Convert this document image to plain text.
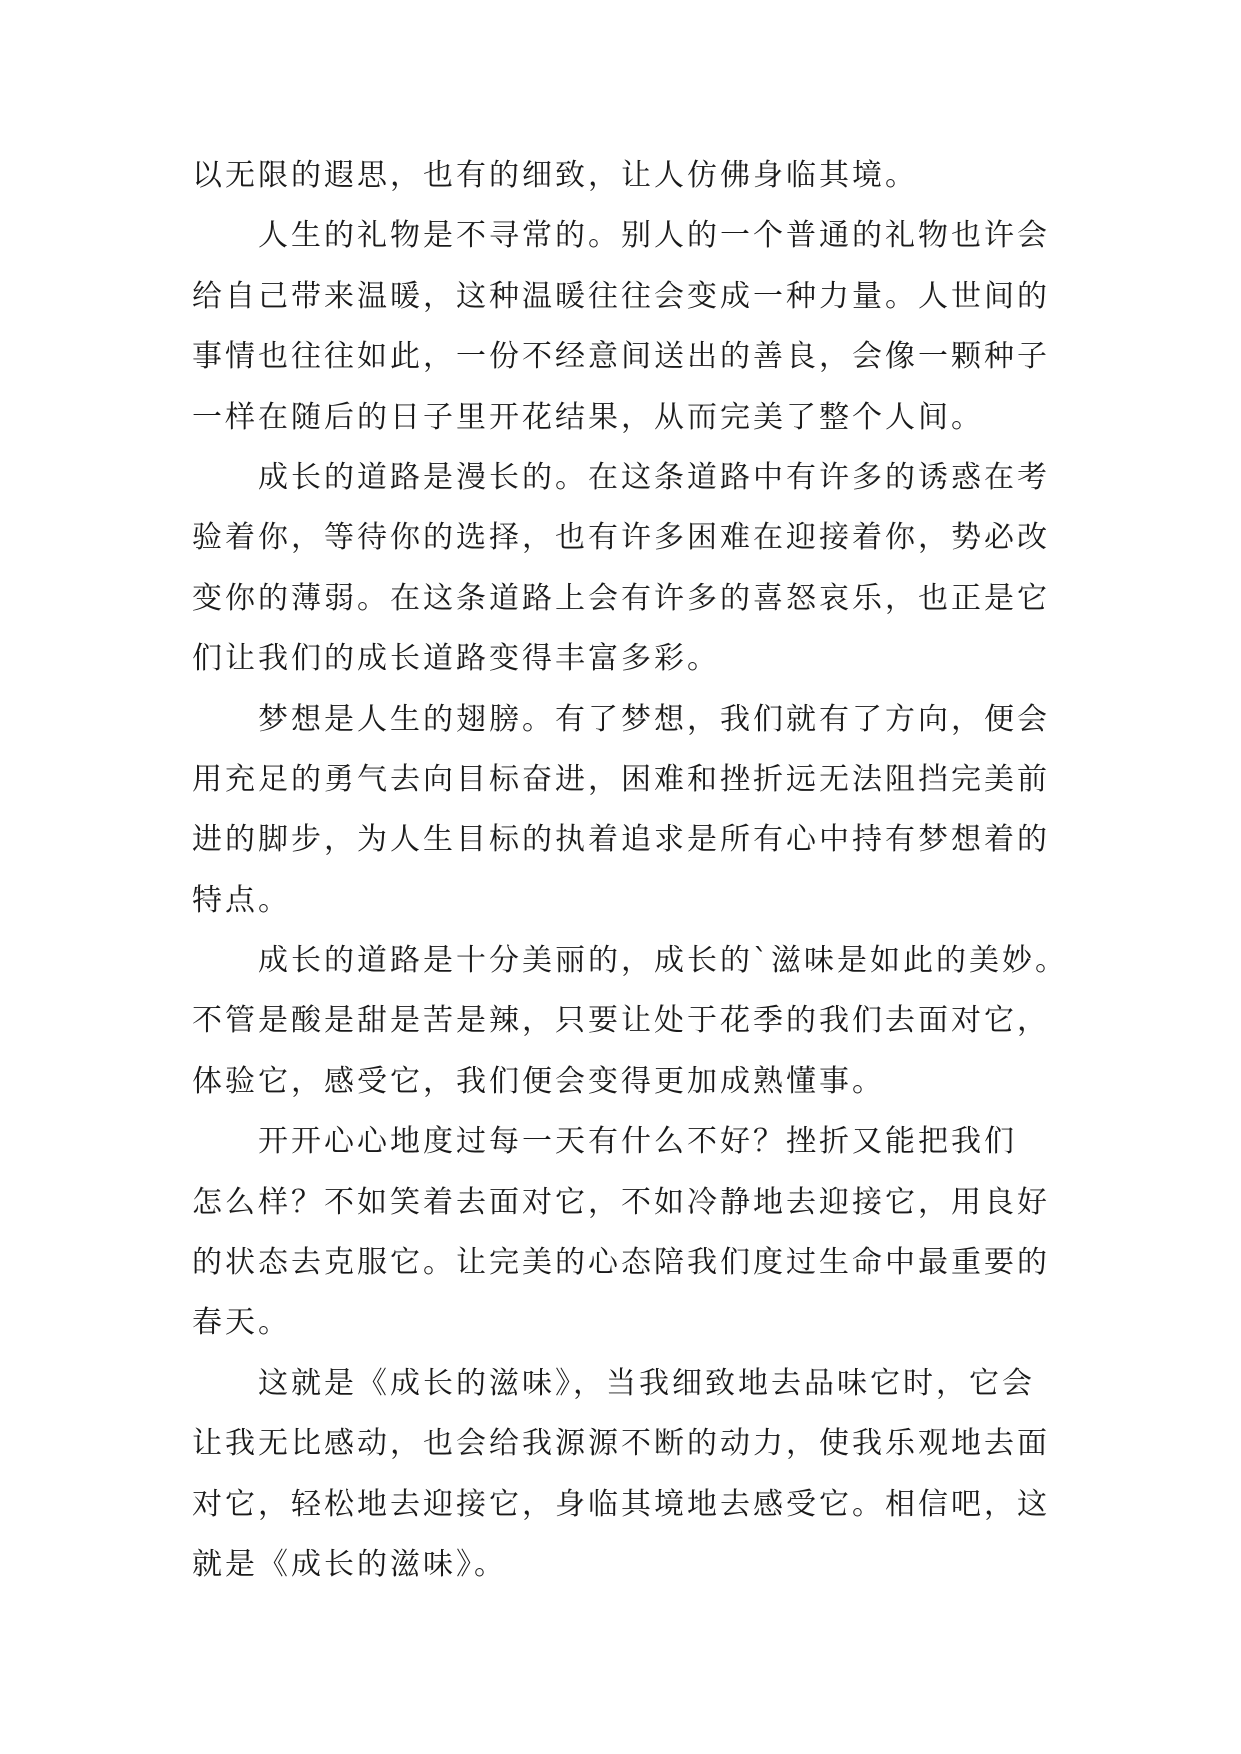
以无限的遐思，也有的细致，让人仿佛身临其境。
人生的礼物是不寻常的。别人的一个普通的礼物也许会
给自己带来温暖，这种温暖往往会变成一种力量。人世间的
事情也往往如此，一份不经意间送出的善良，会像一颗种子
一样在随后的日子里开花结果，从而完美了整个人间。
成长的道路是漫长的。在这条道路中有许多的诱惑在考
验着你，等待你的选择，也有许多困难在迎接着你，势必改
变你的薄弱。在这条道路上会有许多的喜怒哀乐，也正是它
们让我们的成长道路变得丰富多彩。
梦想是人生的翅膀。有了梦想，我们就有了方向，便会
用充足的勇气去向目标奋进，困难和挫折远无法阻挡完美前
进的脚步，为人生目标的执着追求是所有心中持有梦想着的
特点。
成长的道路是十分美丽的，成长的`滋味是如此的美妙。
不管是酸是甜是苦是辣，只要让处于花季的我们去面对它，
体验它，感受它，我们便会变得更加成熟懂事。
开开心心地度过每一天有什么不好？挫折又能把我们
怎么样？不如笑着去面对它，不如冷静地去迎接它，用良好
的状态去克服它。让完美的心态陪我们度过生命中最重要的
春天。
这就是《成长的滋味》，当我细致地去品味它时，它会
让我无比感动，也会给我源源不断的动力，使我乐观地去面
对它，轻松地去迎接它，身临其境地去感受它。相信吧，这
就是《成长的滋味》。
